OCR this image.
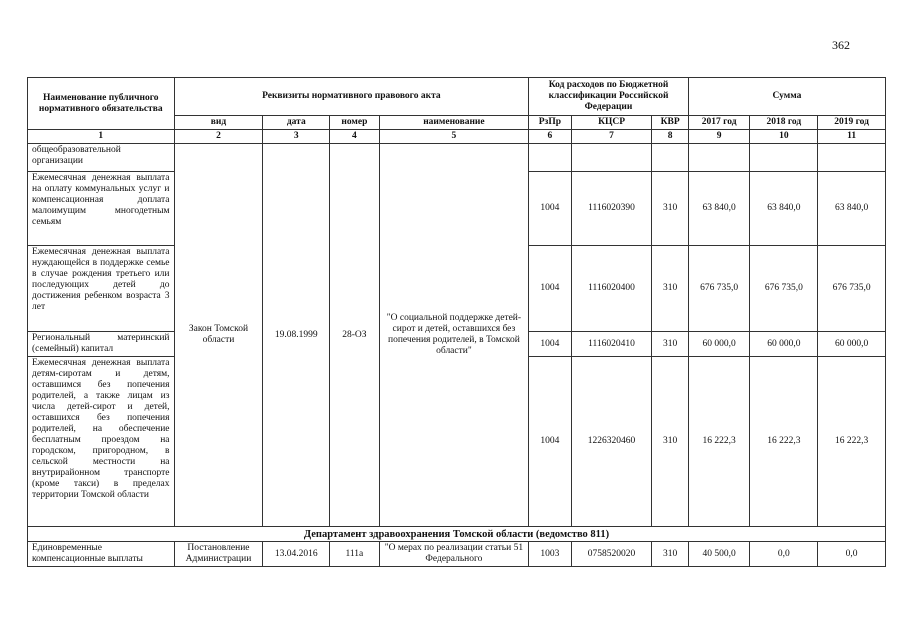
362
Наименование публичного нормативного обязательства	Реквизиты нормативного правового акта				Код расходов по Бюджетной классификации Российской Федерации			Сумма		
	вид	дата	номер	наименование	РзПр	КЦСР	КВР	2017 год	2018 год	2019 год
1	2	3	4	5	6	7	8	9	10	11
общеобразовательной организации	Закон Томской области	19.08.1999	28-ОЗ	"О социальной поддержке детей-сирот и детей, оставшихся без попечения родителей, в Томской области"						
Ежемесячная денежная выплата на оплату коммунальных услуг и компенсационная доплата малоимущим многодетным семьям					1004	1116020390	310	63 840,0	63 840,0	63 840,0
Ежемесячная денежная выплата нуждающейся в поддержке семье в случае рождения третьего или последующих детей до достижения ребенком возраста 3 лет					1004	1116020400	310	676 735,0	676 735,0	676 735,0
Региональный материнский (семейный) капитал					1004	1116020410	310	60 000,0	60 000,0	60 000,0
Ежемесячная денежная выплата детям-сиротам и детям, оставшимся без попечения родителей, а также лицам из числа детей-сирот и детей, оставшихся без попечения родителей, на обеспечение бесплатным проездом на городском, пригородном, в сельской местности на внутрирайонном транспорте (кроме такси) в пределах территории Томской области					1004	1226320460	310	16 222,3	16 222,3	16 222,3
Департамент здравоохранения Томской области (ведомство 811)										
Единовременные компенсационные выплаты	Постановление Администрации	13.04.2016	111а	"О мерах по реализации статьи 51 Федерального	1003	0758520020	310	40 500,0	0,0	0,0
